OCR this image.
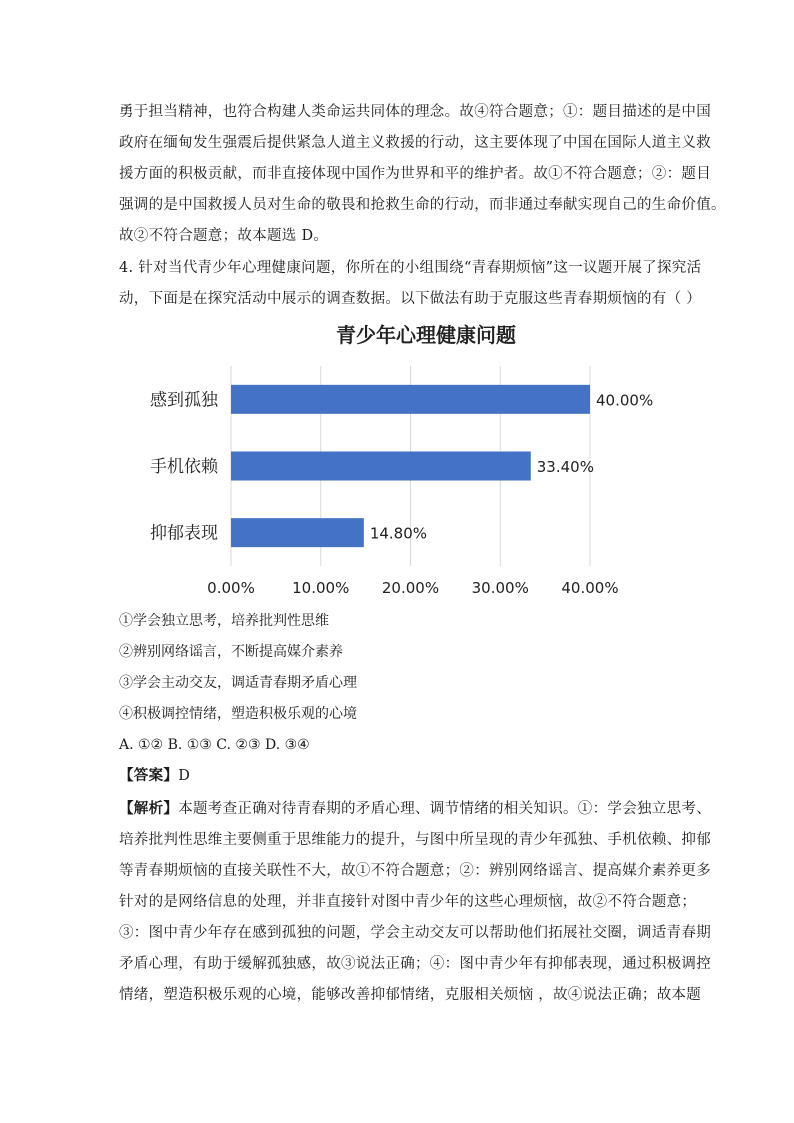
勇于担当精神，也符合构建人类命运共同体的理念。故④符合题意；①：题目描述的是中国
政府在缅甸发生强震后提供紧急人道主义救援的行动，这主要体现了中国在国际人道主义救
援方面的积极贡献，而非直接体现中国作为世界和平的维护者。故①不符合题意；②：题目
强调的是中国救援人员对生命的敬畏和抢救生命的行动，而非通过奉献实现自己的生命价值。
故②不符合题意；故本题选 D。
4. 针对当代青少年心理健康问题，你所在的小组围绕“青春期烦恼”这一议题开展了探究活
动，下面是在探究活动中展示的调查数据。以下做法有助于克服这些青春期烦恼的有（ ）
青少年心理健康问题
感到孤独
手机依赖
抑郁表现
40.00%
33.40%
14.80%
0.00% 10.00% 20.00% 30.00% 40.00%
①学会独立思考，培养批判性思维
②辨别网络谣言，不断提高媒介素养
③学会主动交友，调适青春期矛盾心理
④积极调控情绪，塑造积极乐观的心境
A. ①② B. ①③ C. ②③ D. ③④
【答案】D
【解析】本题考查正确对待青春期的矛盾心理、调节情绪的相关知识。①：学会独立思考、
培养批判性思维主要侧重于思维能力的提升，与图中所呈现的青少年孤独、手机依赖、抑郁
等青春期烦恼的直接关联性不大，故①不符合题意；②：辨别网络谣言、提高媒介素养更多
针对的是网络信息的处理，并非直接针对图中青少年的这些心理烦恼，故②不符合题意；
③：图中青少年存在感到孤独的问题，学会主动交友可以帮助他们拓展社交圈，调适青春期
矛盾心理，有助于缓解孤独感，故③说法正确；④：图中青少年有抑郁表现，通过积极调控
情绪，塑造积极乐观的心境，能够改善抑郁情绪，克服相关烦恼 ，故④说法正确；故本题
